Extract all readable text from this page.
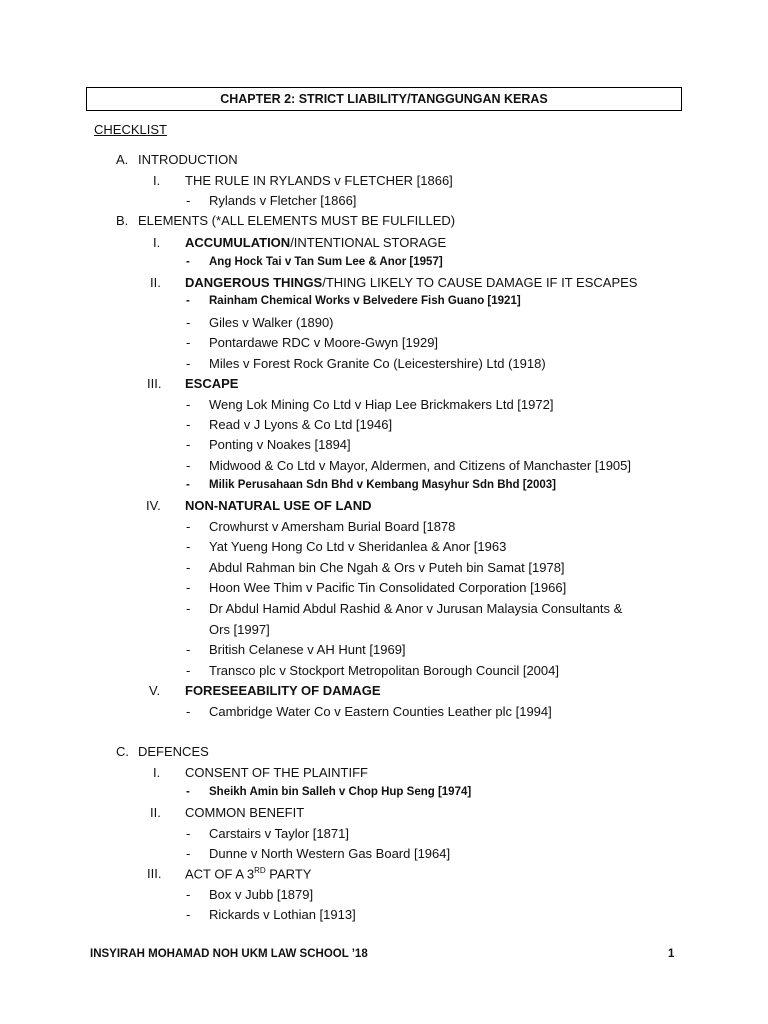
CHAPTER 2: STRICT LIABILITY/TANGGUNGAN KERAS
CHECKLIST
A. INTRODUCTION
I. THE RULE IN RYLANDS v FLETCHER [1866]
- Rylands v Fletcher [1866]
B. ELEMENTS (*ALL ELEMENTS MUST BE FULFILLED)
I. ACCUMULATION/INTENTIONAL STORAGE
- Ang Hock Tai v Tan Sum Lee & Anor [1957]
II. DANGEROUS THINGS/THING LIKELY TO CAUSE DAMAGE IF IT ESCAPES
- Rainham Chemical Works v Belvedere Fish Guano [1921]
- Giles v Walker (1890)
- Pontardawe RDC v Moore-Gwyn [1929]
- Miles v Forest Rock Granite Co (Leicestershire) Ltd (1918)
III. ESCAPE
- Weng Lok Mining Co Ltd v Hiap Lee Brickmakers Ltd [1972]
- Read v J Lyons & Co Ltd [1946]
- Ponting v Noakes [1894]
- Midwood & Co Ltd v Mayor, Aldermen, and Citizens of Manchaster [1905]
- Milik Perusahaan Sdn Bhd v Kembang Masyhur Sdn Bhd [2003]
IV. NON-NATURAL USE OF LAND
- Crowhurst v Amersham Burial Board [1878
- Yat Yueng Hong Co Ltd v Sheridanlea & Anor [1963
- Abdul Rahman bin Che Ngah & Ors v Puteh bin Samat [1978]
- Hoon Wee Thim v Pacific Tin Consolidated Corporation [1966]
- Dr Abdul Hamid Abdul Rashid & Anor v Jurusan Malaysia Consultants &
Ors [1997]
- British Celanese v AH Hunt [1969]
- Transco plc v Stockport Metropolitan Borough Council [2004]
V. FORESEEABILITY OF DAMAGE
- Cambridge Water Co v Eastern Counties Leather plc [1994]
C. DEFENCES
I. CONSENT OF THE PLAINTIFF
- Sheikh Amin bin Salleh v Chop Hup Seng [1974]
II. COMMON BENEFIT
- Carstairs v Taylor [1871]
- Dunne v North Western Gas Board [1964]
III. ACT OF A 3RD PARTY
- Box v Jubb [1879]
- Rickards v Lothian [1913]
INSYIRAH MOHAMAD NOH UKM LAW SCHOOL ’18	1
